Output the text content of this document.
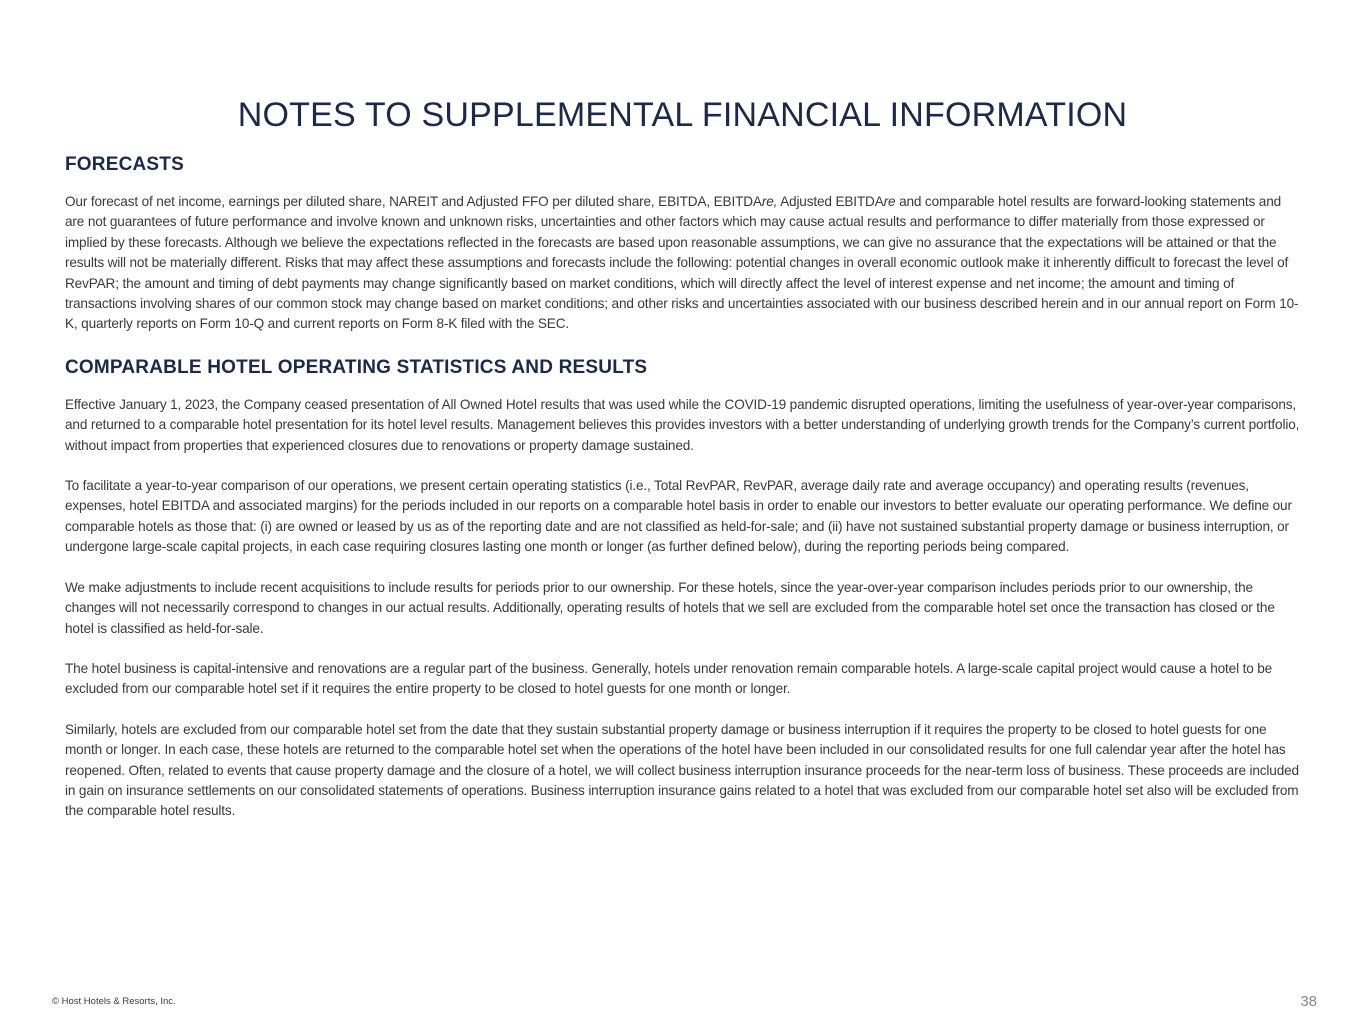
NOTES TO SUPPLEMENTAL FINANCIAL INFORMATION
FORECASTS

Our forecast of net income, earnings per diluted share, NAREIT and Adjusted FFO per diluted share, EBITDA, EBITDAre, Adjusted EBITDAre and comparable hotel results are forward-looking statements and are not guarantees of future performance and involve known and unknown risks, uncertainties and other factors which may cause actual results and performance to differ materially from those expressed or implied by these forecasts. Although we believe the expectations reflected in the forecasts are based upon reasonable assumptions, we can give no assurance that the expectations will be attained or that the results will not be materially different. Risks that may affect these assumptions and forecasts include the following: potential changes in overall economic outlook make it inherently difficult to forecast the level of RevPAR; the amount and timing of debt payments may change significantly based on market conditions, which will directly affect the level of interest expense and net income; the amount and timing of transactions involving shares of our common stock may change based on market conditions; and other risks and uncertainties associated with our business described herein and in our annual report on Form 10-K, quarterly reports on Form 10-Q and current reports on Form 8-K filed with the SEC.

COMPARABLE HOTEL OPERATING STATISTICS AND RESULTS

Effective January 1, 2023, the Company ceased presentation of All Owned Hotel results that was used while the COVID-19 pandemic disrupted operations, limiting the usefulness of year-over-year comparisons, and returned to a comparable hotel presentation for its hotel level results. Management believes this provides investors with a better understanding of underlying growth trends for the Company’s current portfolio, without impact from properties that experienced closures due to renovations or property damage sustained.

To facilitate a year-to-year comparison of our operations, we present certain operating statistics (i.e., Total RevPAR, RevPAR, average daily rate and average occupancy) and operating results (revenues, expenses, hotel EBITDA and associated margins) for the periods included in our reports on a comparable hotel basis in order to enable our investors to better evaluate our operating performance. We define our comparable hotels as those that: (i) are owned or leased by us as of the reporting date and are not classified as held-for-sale; and (ii) have not sustained substantial property damage or business interruption, or undergone large-scale capital projects, in each case requiring closures lasting one month or longer (as further defined below), during the reporting periods being compared.

We make adjustments to include recent acquisitions to include results for periods prior to our ownership. For these hotels, since the year-over-year comparison includes periods prior to our ownership, the changes will not necessarily correspond to changes in our actual results. Additionally, operating results of hotels that we sell are excluded from the comparable hotel set once the transaction has closed or the hotel is classified as held-for-sale.

The hotel business is capital-intensive and renovations are a regular part of the business. Generally, hotels under renovation remain comparable hotels. A large-scale capital project would cause a hotel to be excluded from our comparable hotel set if it requires the entire property to be closed to hotel guests for one month or longer.

Similarly, hotels are excluded from our comparable hotel set from the date that they sustain substantial property damage or business interruption if it requires the property to be closed to hotel guests for one month or longer. In each case, these hotels are returned to the comparable hotel set when the operations of the hotel have been included in our consolidated results for one full calendar year after the hotel has reopened. Often, related to events that cause property damage and the closure of a hotel, we will collect business interruption insurance proceeds for the near-term loss of business. These proceeds are included in gain on insurance settlements on our consolidated statements of operations. Business interruption insurance gains related to a hotel that was excluded from our comparable hotel set also will be excluded from the comparable hotel results.

© Host Hotels & Resorts, Inc.	38
